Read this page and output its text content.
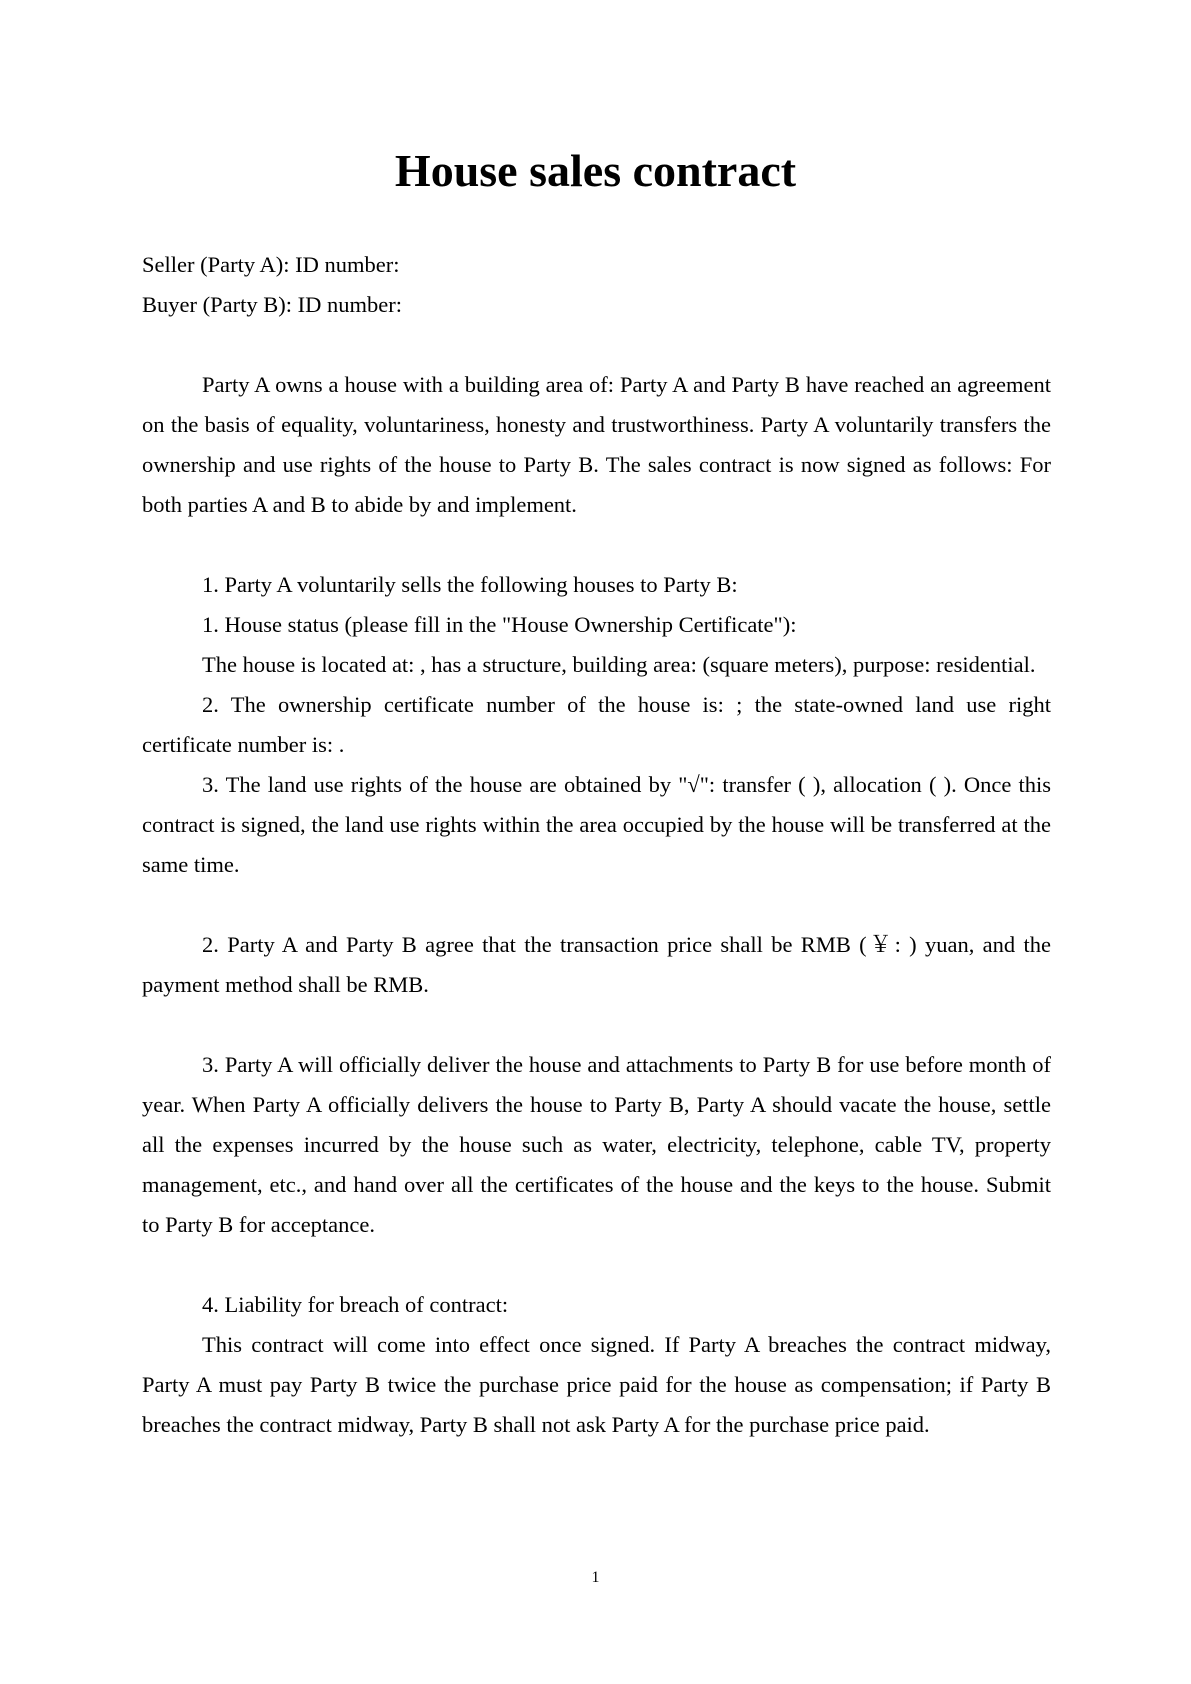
House sales contract

Seller (Party A): ID number:

Buyer (Party B): ID number:

Party A owns a house with a building area of: Party A and Party B have reached an agreement on the basis of equality, voluntariness, honesty and trustworthiness. Party A voluntarily transfers the ownership and use rights of the house to Party B. The sales contract is now signed as follows: For both parties A and B to abide by and implement.

1. Party A voluntarily sells the following houses to Party B:

1. House status (please fill in the "House Ownership Certificate"):

The house is located at: , has a structure, building area: (square meters), purpose: residential.

2. The ownership certificate number of the house is: ; the state-owned land use right certificate number is: .

3. The land use rights of the house are obtained by "√": transfer ( ), allocation ( ). Once this contract is signed, the land use rights within the area occupied by the house will be transferred at the same time.

2. Party A and Party B agree that the transaction price shall be RMB (￥: ) yuan, and the payment method shall be RMB.

3. Party A will officially deliver the house and attachments to Party B for use before month of year. When Party A officially delivers the house to Party B, Party A should vacate the house, settle all the expenses incurred by the house such as water, electricity, telephone, cable TV, property management, etc., and hand over all the certificates of the house and the keys to the house. Submit to Party B for acceptance.

4. Liability for breach of contract:

This contract will come into effect once signed. If Party A breaches the contract midway, Party A must pay Party B twice the purchase price paid for the house as compensation; if Party B breaches the contract midway, Party B shall not ask Party A for the purchase price paid.

1
